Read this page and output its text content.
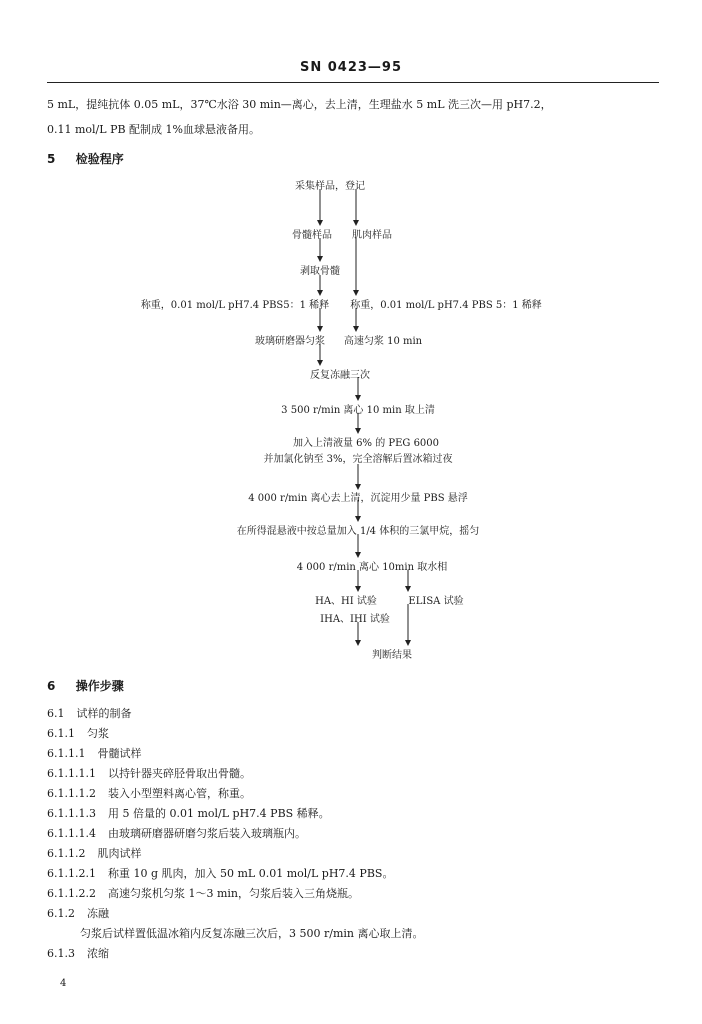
SN 0423—95
5 mL，提纯抗体 0.05 mL，37℃水浴 30 min—离心，去上清，生理盐水 5 mL 洗三次—用 pH7.2，
0.11 mol/L PB 配制成 1%血球悬液备用。
5 检验程序
采集样品，登记
骨髓样品 肌肉样品
剥取骨髓
称重，0.01 mol/L pH7.4 PBS5：1 稀释 称重，0.01 mol/L pH7.4 PBS 5：1 稀释
玻璃研磨器匀浆 高速匀浆 10 min
反复冻融三次
3 500 r/min 离心 10 min 取上清
加入上清液量 6% 的 PEG 6000
并加氯化钠至 3%，完全溶解后置冰箱过夜
4 000 r/min 离心去上清，沉淀用少量 PBS 悬浮
在所得混悬液中按总量加入 1/4 体积的三氯甲烷，摇匀
4 000 r/min 离心 10min 取水相
HA、HI 试验	ELISA 试验
IHA、IHI 试验
判断结果
6 操作步骤
6.1 试样的制备
6.1.1 匀浆
6.1.1.1 骨髓试样
6.1.1.1.1 以持针器夹碎胫骨取出骨髓。
6.1.1.1.2 装入小型塑料离心管，称重。
6.1.1.1.3 用 5 倍量的 0.01 mol/L pH7.4 PBS 稀释。
6.1.1.1.4 由玻璃研磨器研磨匀浆后装入玻璃瓶内。
6.1.1.2 肌肉试样
6.1.1.2.1 称重 10 g 肌肉，加入 50 mL 0.01 mol/L pH7.4 PBS。
6.1.1.2.2 高速匀浆机匀浆 1～3 min，匀浆后装入三角烧瓶。
6.1.2 冻融
匀浆后试样置低温冰箱内反复冻融三次后，3 500 r/min 离心取上清。
6.1.3 浓缩
4
